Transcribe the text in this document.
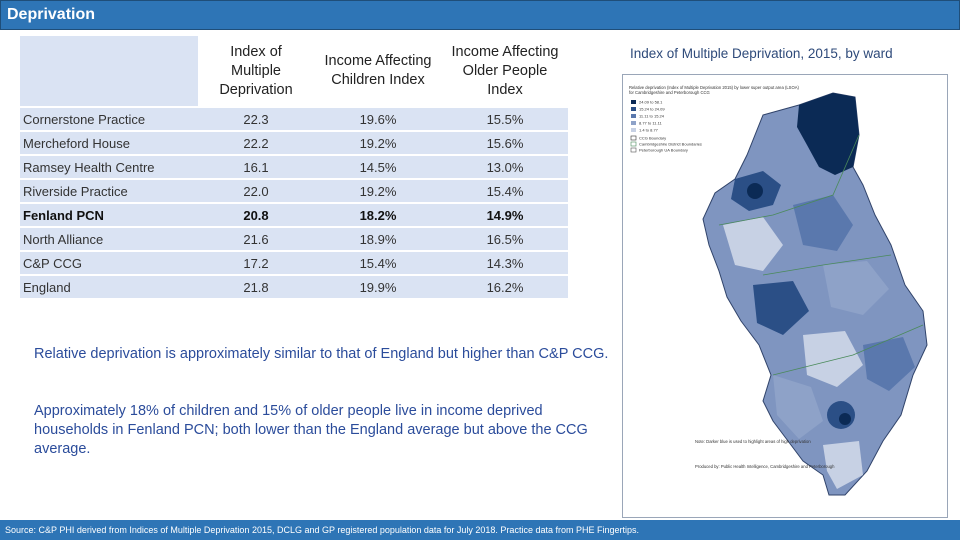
Deprivation
	Index of Multiple Deprivation	Income Affecting Children Index	Income Affecting Older People Index
Cornerstone Practice	22.3	19.6%	15.5%
Mercheford House	22.2	19.2%	15.6%
Ramsey Health Centre	16.1	14.5%	13.0%
Riverside Practice	22.0	19.2%	15.4%
Fenland PCN	20.8	18.2%	14.9%
North Alliance	21.6	18.9%	16.5%
C&P CCG	17.2	15.4%	14.3%
England	21.8	19.9%	16.2%
Index of Multiple Deprivation, 2015, by ward
Relative deprivation (Index of Multiple Deprivation 2015) by lower super output area (LSOA) for Cambridgeshire and Peterborough CCG
24.09 to 58.1
15.24 to 24.09
11.11 to 15.24
8.77 to 11.11
1.4 to 8.77
CCG Boundary
Cambridgeshire District Boundaries
Peterborough UA Boundary
Note: Darker blue is used to highlight areas of high deprivation
Produced by: Public Health Intelligence, Cambridgeshire and Peterborough
Relative deprivation is approximately similar to that of England but higher than C&P CCG.
Approximately 18% of children and 15% of older people live in income deprived households in Fenland PCN; both lower than the England average but above the CCG average.
Source: C&P PHI derived from Indices of Multiple Deprivation 2015, DCLG and GP registered population data for July 2018. Practice data from PHE Fingertips.
